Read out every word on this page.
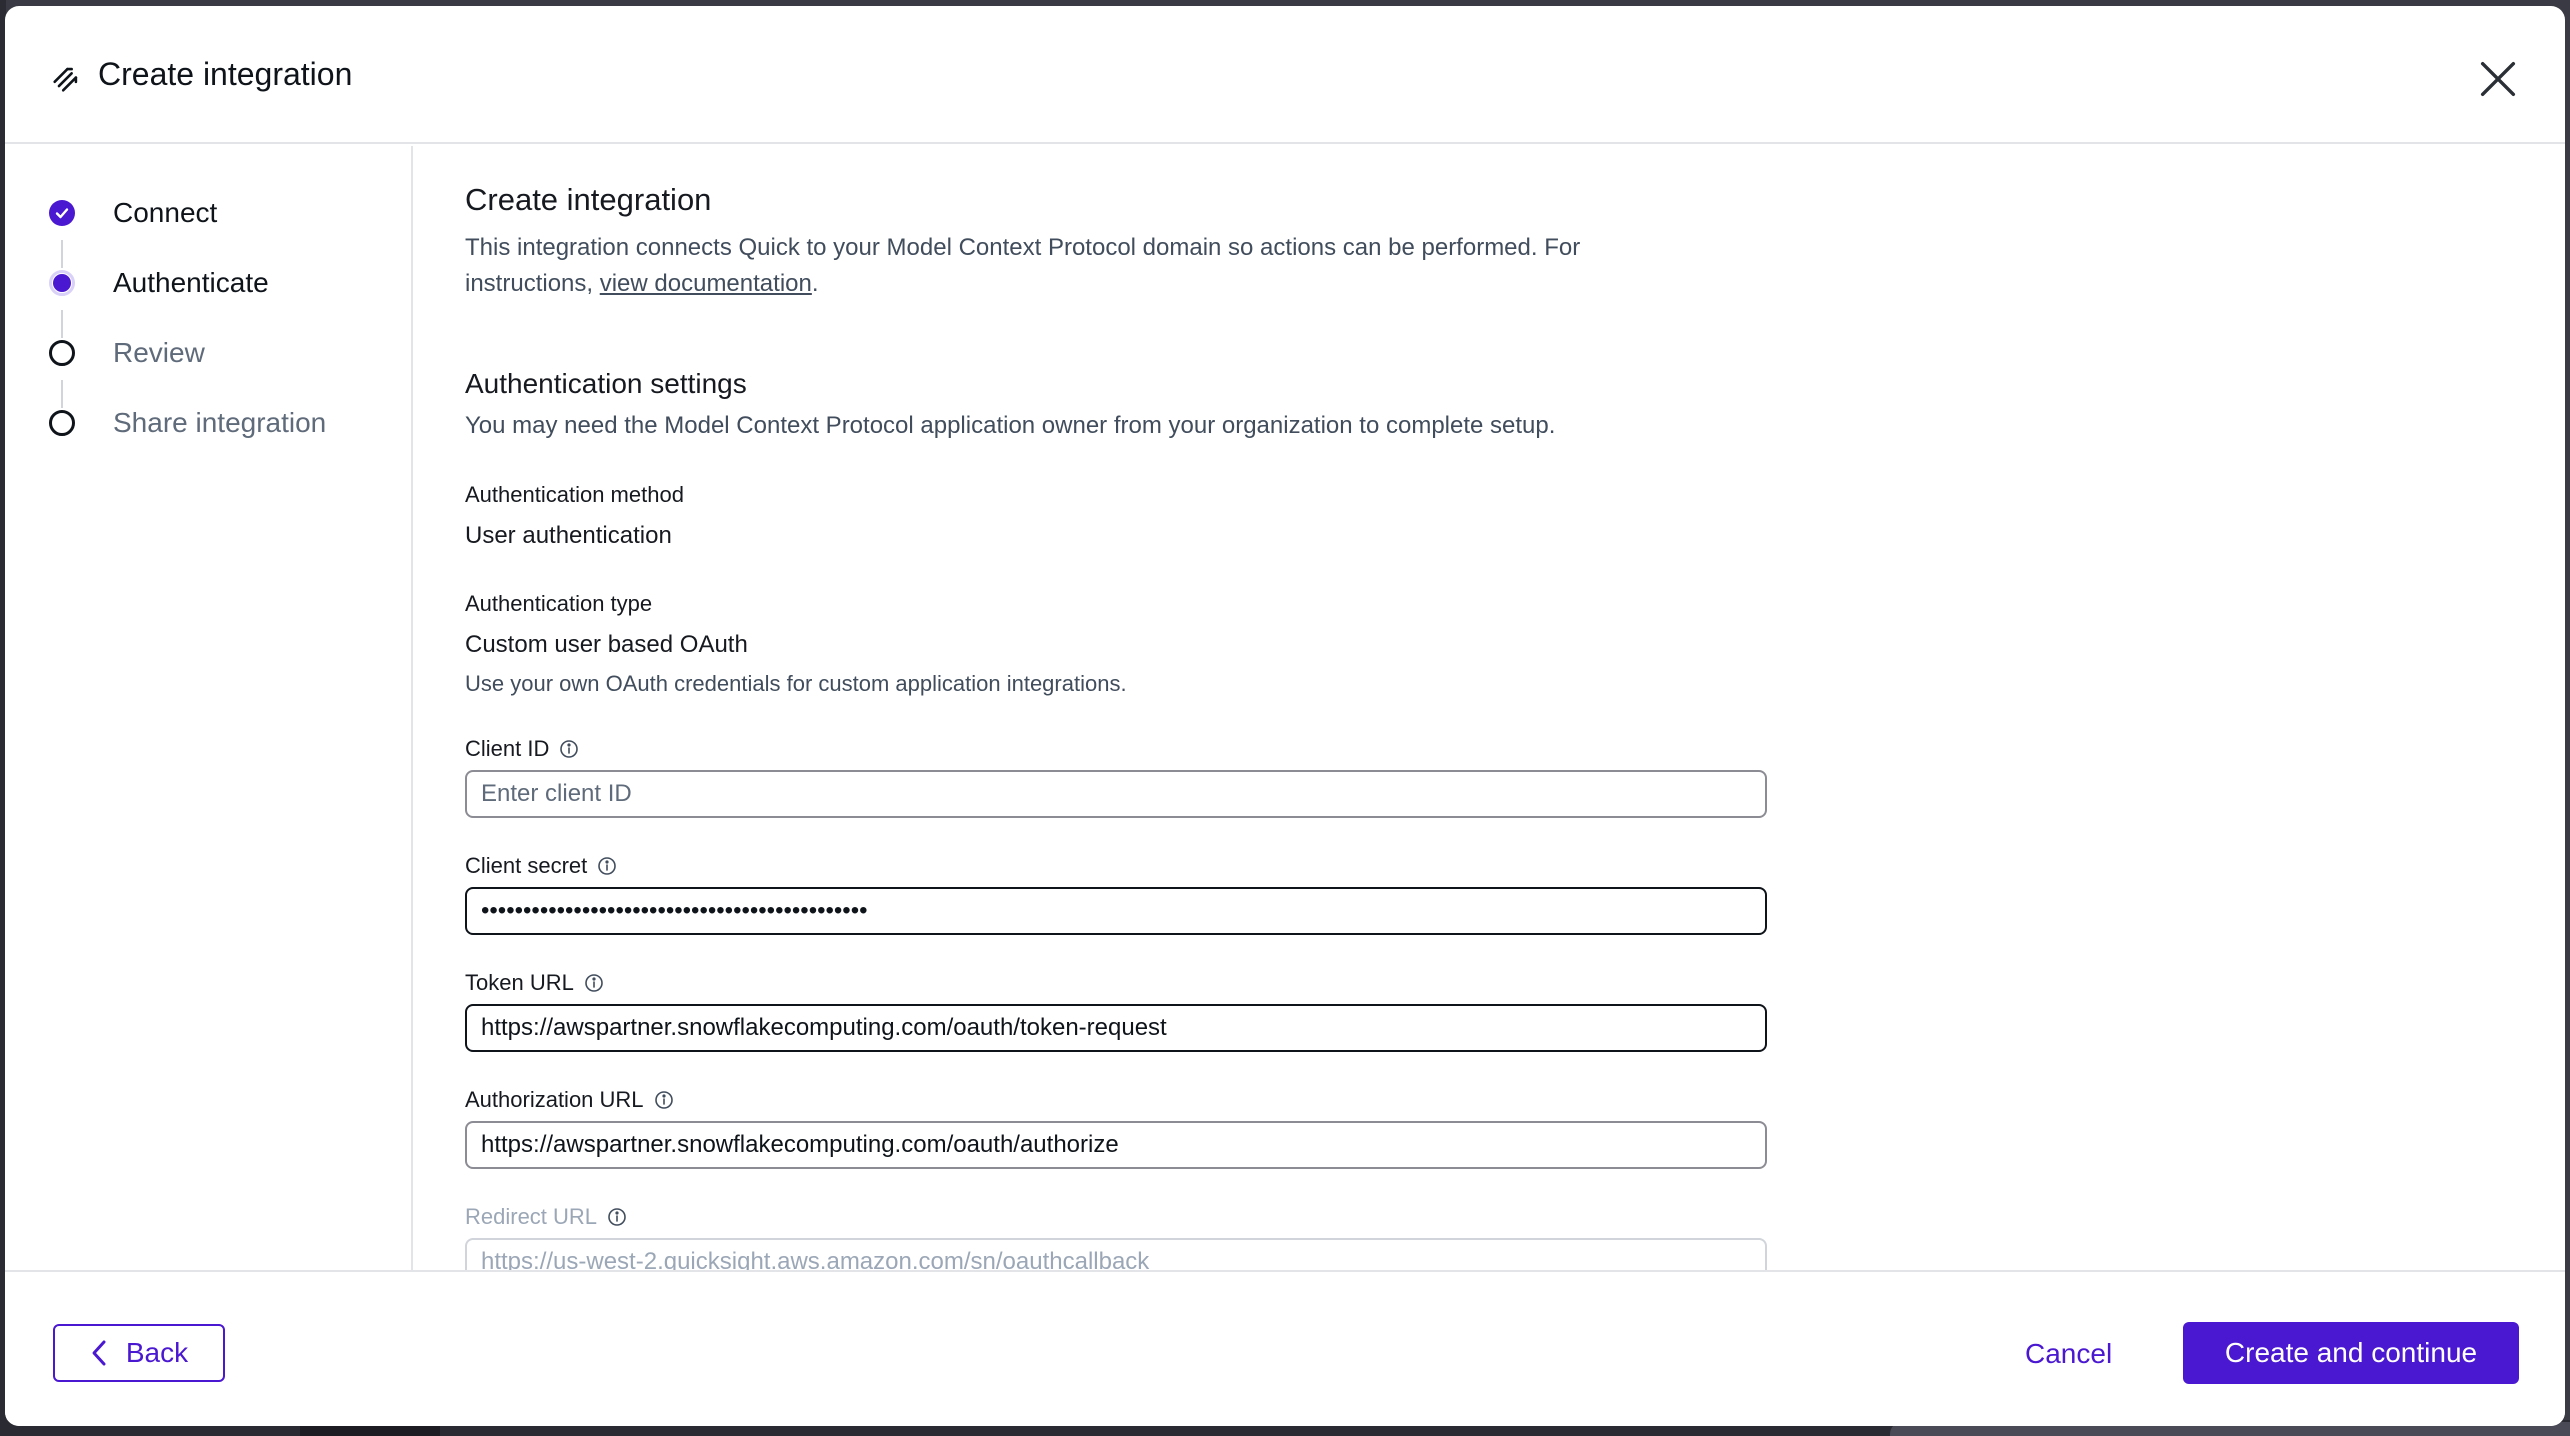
Create integration
Connect
Authenticate
Review
Share integration
Create integration
This integration connects Quick to your Model Context Protocol domain so actions can be performed. For
instructions, view documentation.
Authentication settings
You may need the Model Context Protocol application owner from your organization to complete setup.
Authentication method
User authentication
Authentication type
Custom user based OAuth
Use your own OAuth credentials for custom application integrations.
Client ID
Enter client ID
Client secret
••••••••••••••••••••••••••••••••••••••••••••••
Token URL
https://awspartner.snowflakecomputing.com/oauth/token-request
Authorization URL
https://awspartner.snowflakecomputing.com/oauth/authorize
Redirect URL
https://us-west-2.quicksight.aws.amazon.com/sn/oauthcallback
Back	Cancel	Create and continue
